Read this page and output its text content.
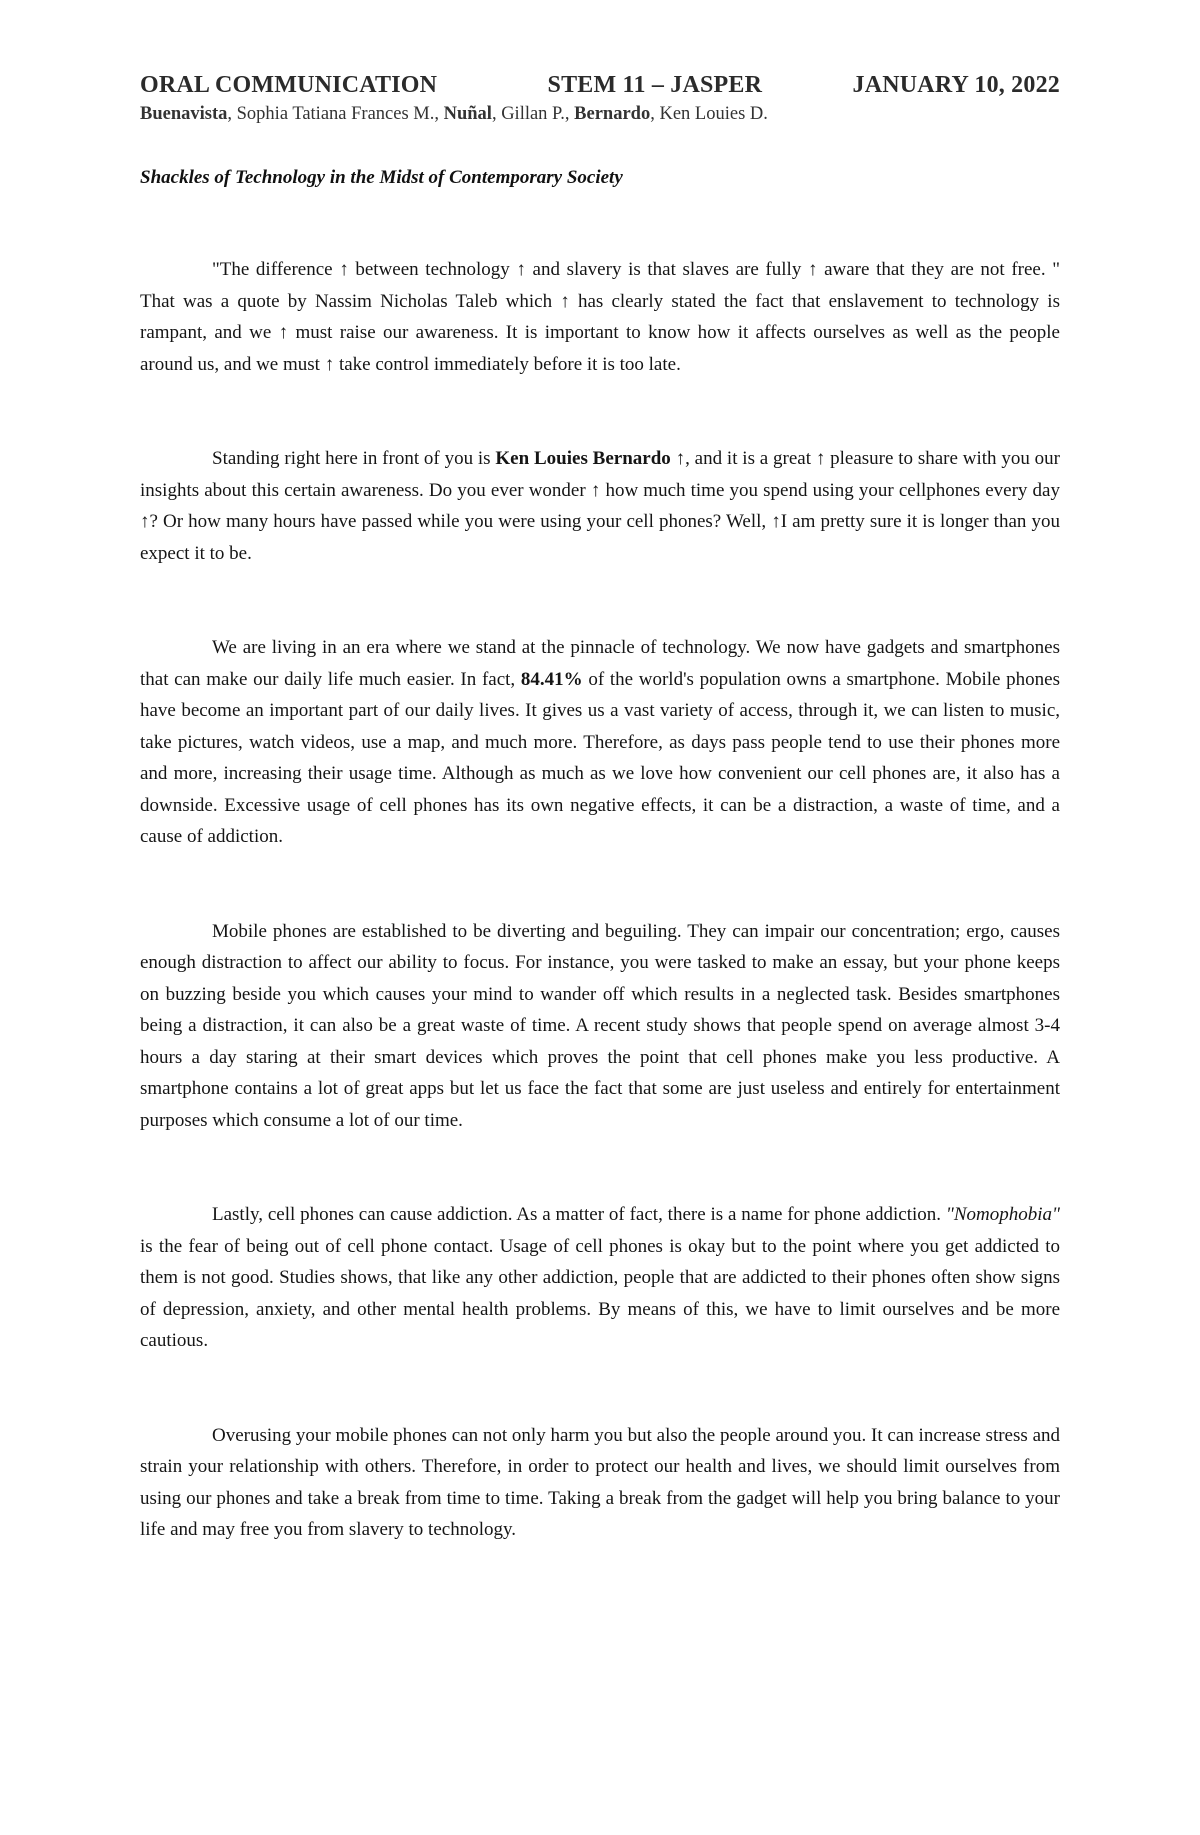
ORAL COMMUNICATION	STEM 11 – JASPER	JANUARY 10, 2022
Buenavista, Sophia Tatiana Frances M., Nuñal, Gillan P., Bernardo, Ken Louies D.
Shackles of Technology in the Midst of Contemporary Society

"The difference ↑ between technology ↑ and slavery is that slaves are fully ↑ aware that they are not free. " That was a quote by Nassim Nicholas Taleb which ↑ has clearly stated the fact that enslavement to technology is rampant, and we ↑ must raise our awareness. It is important to know how it affects ourselves as well as the people around us, and we must ↑ take control immediately before it is too late.

Standing right here in front of you is Ken Louies Bernardo ↑, and it is a great ↑ pleasure to share with you our insights about this certain awareness. Do you ever wonder ↑ how much time you spend using your cellphones every day ↑? Or how many hours have passed while you were using your cell phones? Well, ↑I am pretty sure it is longer than you expect it to be.

We are living in an era where we stand at the pinnacle of technology. We now have gadgets and smartphones that can make our daily life much easier. In fact, 84.41% of the world's population owns a smartphone. Mobile phones have become an important part of our daily lives. It gives us a vast variety of access, through it, we can listen to music, take pictures, watch videos, use a map, and much more. Therefore, as days pass people tend to use their phones more and more, increasing their usage time. Although as much as we love how convenient our cell phones are, it also has a downside. Excessive usage of cell phones has its own negative effects, it can be a distraction, a waste of time, and a cause of addiction.

Mobile phones are established to be diverting and beguiling. They can impair our concentration; ergo, causes enough distraction to affect our ability to focus. For instance, you were tasked to make an essay, but your phone keeps on buzzing beside you which causes your mind to wander off which results in a neglected task. Besides smartphones being a distraction, it can also be a great waste of time. A recent study shows that people spend on average almost 3-4 hours a day staring at their smart devices which proves the point that cell phones make you less productive. A smartphone contains a lot of great apps but let us face the fact that some are just useless and entirely for entertainment purposes which consume a lot of our time.

Lastly, cell phones can cause addiction. As a matter of fact, there is a name for phone addiction. "Nomophobia" is the fear of being out of cell phone contact. Usage of cell phones is okay but to the point where you get addicted to them is not good. Studies shows, that like any other addiction, people that are addicted to their phones often show signs of depression, anxiety, and other mental health problems. By means of this, we have to limit ourselves and be more cautious.

Overusing your mobile phones can not only harm you but also the people around you. It can increase stress and strain your relationship with others. Therefore, in order to protect our health and lives, we should limit ourselves from using our phones and take a break from time to time. Taking a break from the gadget will help you bring balance to your life and may free you from slavery to technology.
